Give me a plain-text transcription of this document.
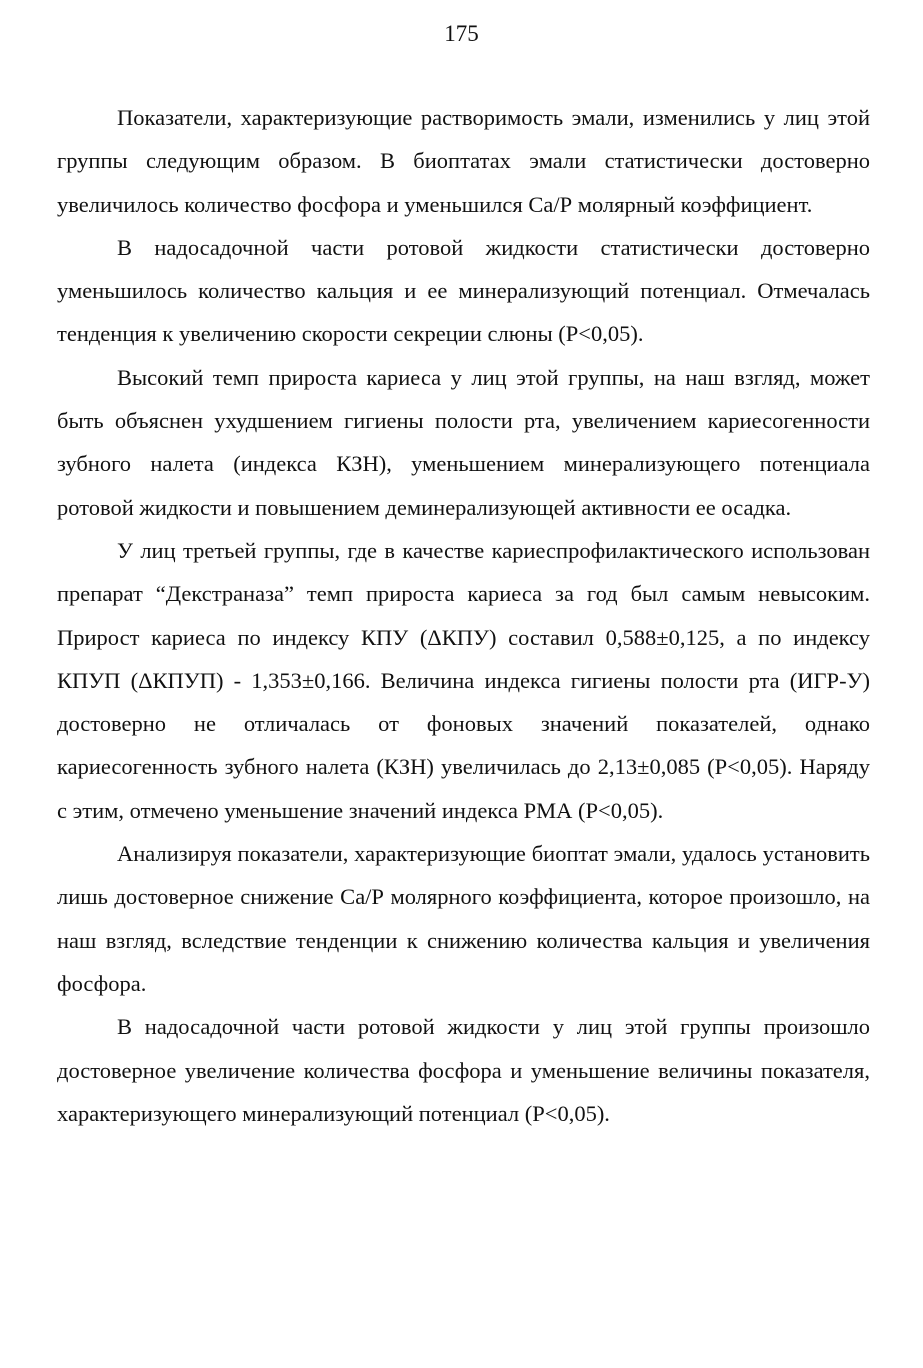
175

Показатели, характеризующие растворимость эмали, изменились у лиц этой группы следующим образом. В биоптатах эмали статистически достоверно увеличилось количество фосфора и уменьшился Са/Р молярный коэффициент.

В надосадочной части ротовой жидкости статистически достоверно уменьшилось количество кальция и ее минерализующий потенциал. Отмечалась тенденция к увеличению скорости секреции слюны (Р<0,05).

Высокий темп прироста кариеса у лиц этой группы, на наш взгляд, может быть объяснен ухудшением гигиены полости рта, увеличением кариесогенности зубного налета (индекса КЗН), уменьшением минерализующего потенциала ротовой жидкости и повышением деминерализующей активности ее осадка.

У лиц третьей группы, где в качестве кариеспрофилактического использован препарат “Декстраназа” темп прироста кариеса за год был самым невысоким. Прирост кариеса по индексу КПУ (ΔКПУ) составил 0,588±0,125, а по индексу КПУП (ΔКПУП) - 1,353±0,166. Величина индекса гигиены полости рта (ИГР-У) достоверно не отличалась от фоновых значений показателей, однако кариесогенность зубного налета (КЗН) увеличилась до 2,13±0,085 (Р<0,05). Наряду с этим, отмечено уменьшение значений индекса РМА (Р<0,05).

Анализируя показатели, характеризующие биоптат эмали, удалось установить лишь достоверное снижение Са/Р молярного коэффициента, которое произошло, на наш взгляд, вследствие тенденции к снижению количества кальция и увеличения фосфора.

В надосадочной части ротовой жидкости у лиц этой группы произошло достоверное увеличение количества фосфора и уменьшение величины показателя, характеризующего минерализующий потенциал (Р<0,05).
